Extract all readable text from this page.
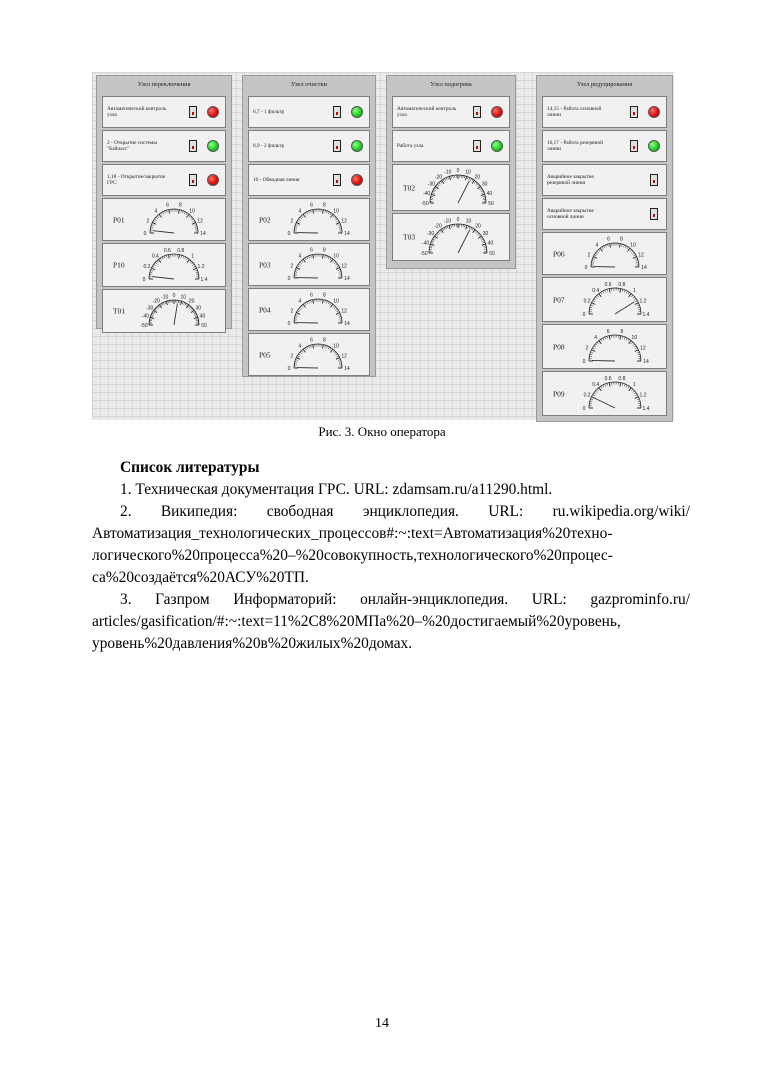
Узел переключения
Автоматический контроль узла
2 - Открытие системы "Байпасс"
1,18 - Открытие/закрытие ГРС
P01
0
2
4
6 8
10
12
14
P10
0
0.2
0.4
0.6 0.8
1
1.2
1.4
T01
-50
-40
-30
-20
-10 0 10
20
30
40
50
Узел очистки
6,7 - 1 фильтр
8,9 - 2 фильтр
10 - Обводная линия
P02
0
2
4
6 8
10
12
14
P03
0
2
4
6 8
10
12
14
P04
0
2
4
6 8
10
12
14
P05
0
2
4
6 8
10
12
14
Узел подогрева
Автоматический контроль узла
Работа узла
T02
-50
-40
-30
-20
-10 0 10
20
30
40
50
T03
-50
-40
-30
-20
-10 0 10
20
30
40
50
Узел редуцирования
14,15 - Работа основной линии
16,17 - Работа резервной линии
Аварийное закрытие резервной линии
Аварийное закрытие основной линии
P06
0
2
4
6 8
10
12
14
P07
0
0.2
0.4
0.6 0.8
1
1.2
1.4
P08
0
2
4
6 8
10
12
14
P09
0
0.2
0.4
0.6 0.8
1
1.2
1.4
Рис. 3. Окно оператора
Список литературы
1. Техническая документация ГРС. URL: zdamsam.ru/a11290.html.
2. Википедия: свободная энциклопедия. URL: ru.wikipedia.org/wiki/
Автоматизация_технологических_процессов#:~:text=Автоматизация%20техно-
логического%20процесса%20–%20совокупность,технологического%20процес-
са%20создаётся%20АСУ%20ТП.
3. Газпром Информаторий: онлайн-энциклопедия. URL: gazprominfo.ru/
articles/gasification/#:~:text=11%2C8%20МПа%20–%20достигаемый%20уровень,
уровень%20давления%20в%20жилых%20домах.
14
